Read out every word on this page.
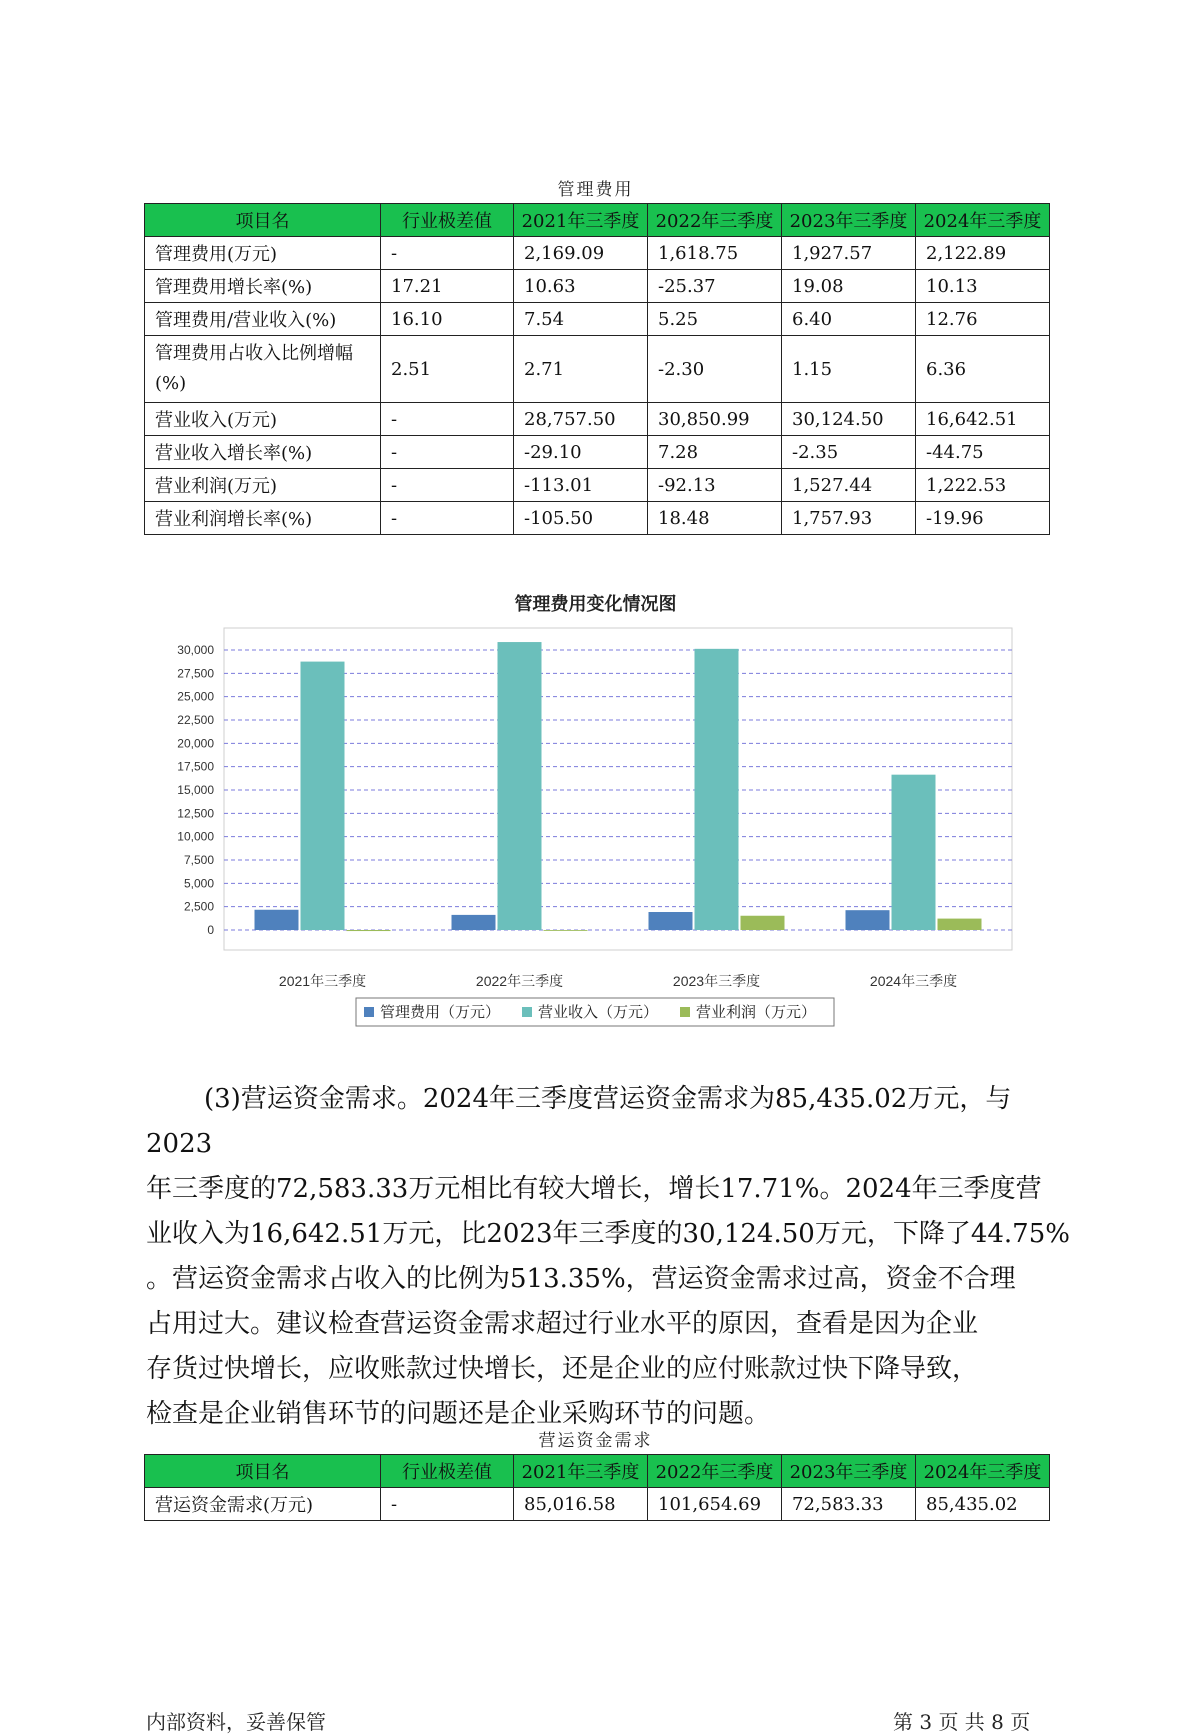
管理费用
项目名	行业极差值	2021年三季度	2022年三季度	2023年三季度	2024年三季度
管理费用(万元)	-	2,169.09	1,618.75	1,927.57	2,122.89
管理费用增长率(%)	17.21	10.63	-25.37	19.08	10.13
管理费用/营业收入(%)	16.10	7.54	5.25	6.40	12.76
管理费用占收入比例增幅(%)	2.51	2.71	-2.30	1.15	6.36
营业收入(万元)	-	28,757.50	30,850.99	30,124.50	16,642.51
营业收入增长率(%)	-	-29.10	7.28	-2.35	-44.75
营业利润(万元)	-	-113.01	-92.13	1,527.44	1,222.53
营业利润增长率(%)	-	-105.50	18.48	1,757.93	-19.96
管理费用变化情况图
0
2,500
5,000
7,500
10,000
12,500
15,000
17,500
20,000
22,500
25,000
27,500
30,000
2021年三季度	2022年三季度	2023年三季度	2024年三季度
管理费用（万元）	营业收入（万元）	营业利润（万元）

(3)营运资金需求。2024年三季度营运资金需求为85,435.02万元，与2023

年三季度的72,583.33万元相比有较大增长，增长17.71%。2024年三季度营

业收入为16,642.51万元，比2023年三季度的30,124.50万元，下降了44.75%

。营运资金需求占收入的比例为513.35%，营运资金需求过高，资金不合理

占用过大。建议检查营运资金需求超过行业水平的原因，查看是因为企业

存货过快增长，应收账款过快增长，还是企业的应付账款过快下降导致，

检查是企业销售环节的问题还是企业采购环节的问题。

营运资金需求
项目名	行业极差值	2021年三季度	2022年三季度	2023年三季度	2024年三季度
营运资金需求(万元)	-	85,016.58	101,654.69	72,583.33	85,435.02
内部资料，妥善保管	第 3 页 共 8 页
